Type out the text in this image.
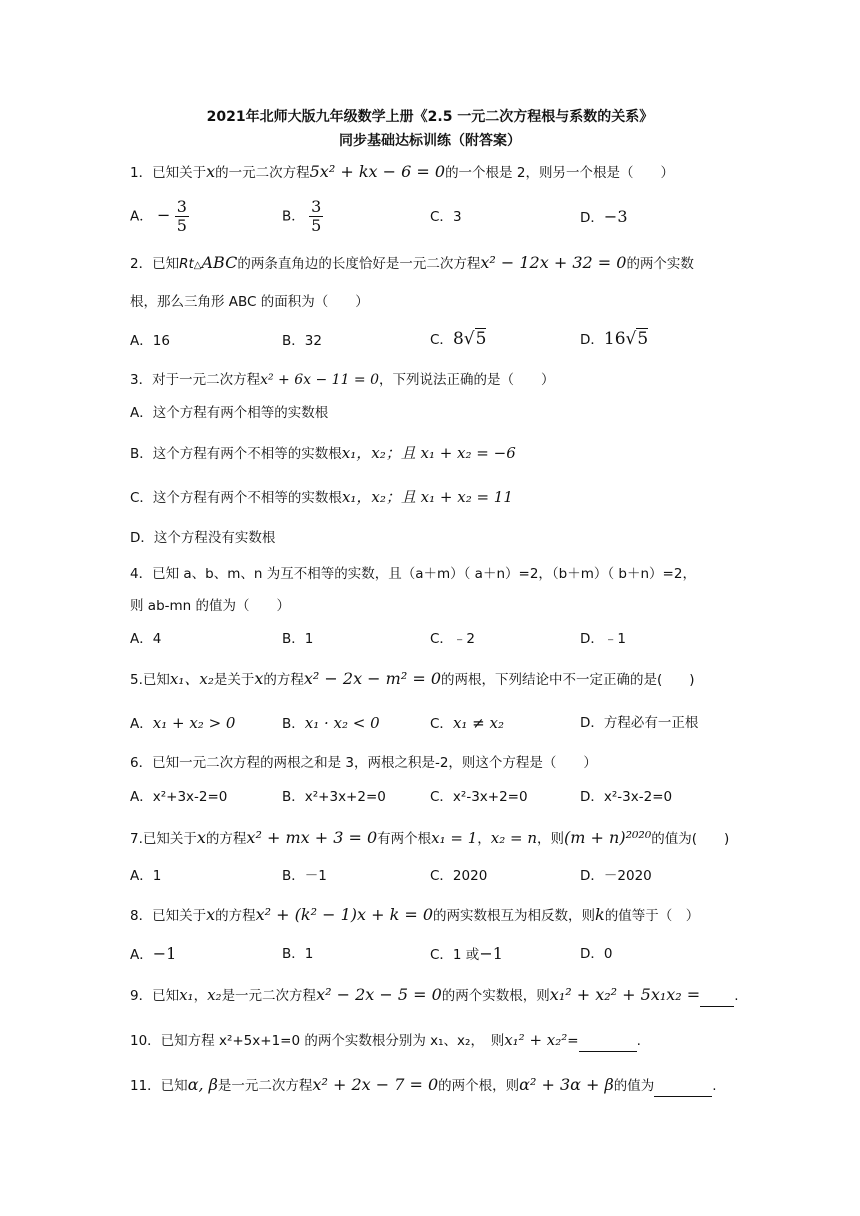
2021年北师大版九年级数学上册《2.5 一元二次方程根与系数的关系》
同步基础达标训练（附答案）
1．已知关于x的一元二次方程5x² + kx − 6 = 0的一个根是 2，则另一个根是（　　）
A． − $\frac{3}{5}$	B． $\frac{3}{5}$	C．3	D．−3
2．已知Rt△ABC的两条直角边的长度恰好是一元二次方程x² − 12x + 32 = 0的两个实数
根，那么三角形 ABC 的面积为（　　）
A．16	B．32	C．8√5	D．16√5
3．对于一元二次方程x² + 6x − 11 = 0，下列说法正确的是（　　）
A．这个方程有两个相等的实数根
B．这个方程有两个不相等的实数根x₁，x₂；且 x₁ + x₂ = −6
C．这个方程有两个不相等的实数根x₁，x₂；且 x₁ + x₂ = 11
D．这个方程没有实数根
4．已知 a、b、m、n 为互不相等的实数，且（a＋m）（ a＋n）=2，（b＋m）（ b＋n）=2，
则 ab-mn 的值为（　　）
A．4	B．1	C．﹣2	D．﹣1
5.已知x₁、x₂是关于x的方程x² − 2x − m² = 0的两根，下列结论中不一定正确的是(　　)
A．x₁ + x₂ > 0	B．x₁ · x₂ < 0	C．x₁ ≠ x₂	D．方程必有一正根
6．已知一元二次方程的两根之和是 3，两根之积是-2，则这个方程是（　　）
A．x²+3x-2=0	B．x²+3x+2=0	C．x²-3x+2=0	D．x²-3x-2=0
7.已知关于x的方程x² + mx + 3 = 0有两个根x₁ = 1，x₂ = n，则(m + n)²⁰²⁰的值为(　　)
A．1	B．－1	C．2020	D．－2020
8．已知关于x的方程x² + (k² − 1)x + k = 0的两实数根互为相反数，则k的值等于（　）
A．−1	B．1	C．1 或−1	D．0
9．已知x₁，x₂是一元二次方程x² − 2x − 5 = 0的两个实数根，则x₁² + x₂² + 5x₁x₂ =	.
10．已知方程 x²+5x+1=0 的两个实数根分别为 x₁、x₂，　则x₁² + x₂²=	.
11．已知α, β是一元二次方程x² + 2x − 7 = 0的两个根，则α² + 3α + β的值为	.
